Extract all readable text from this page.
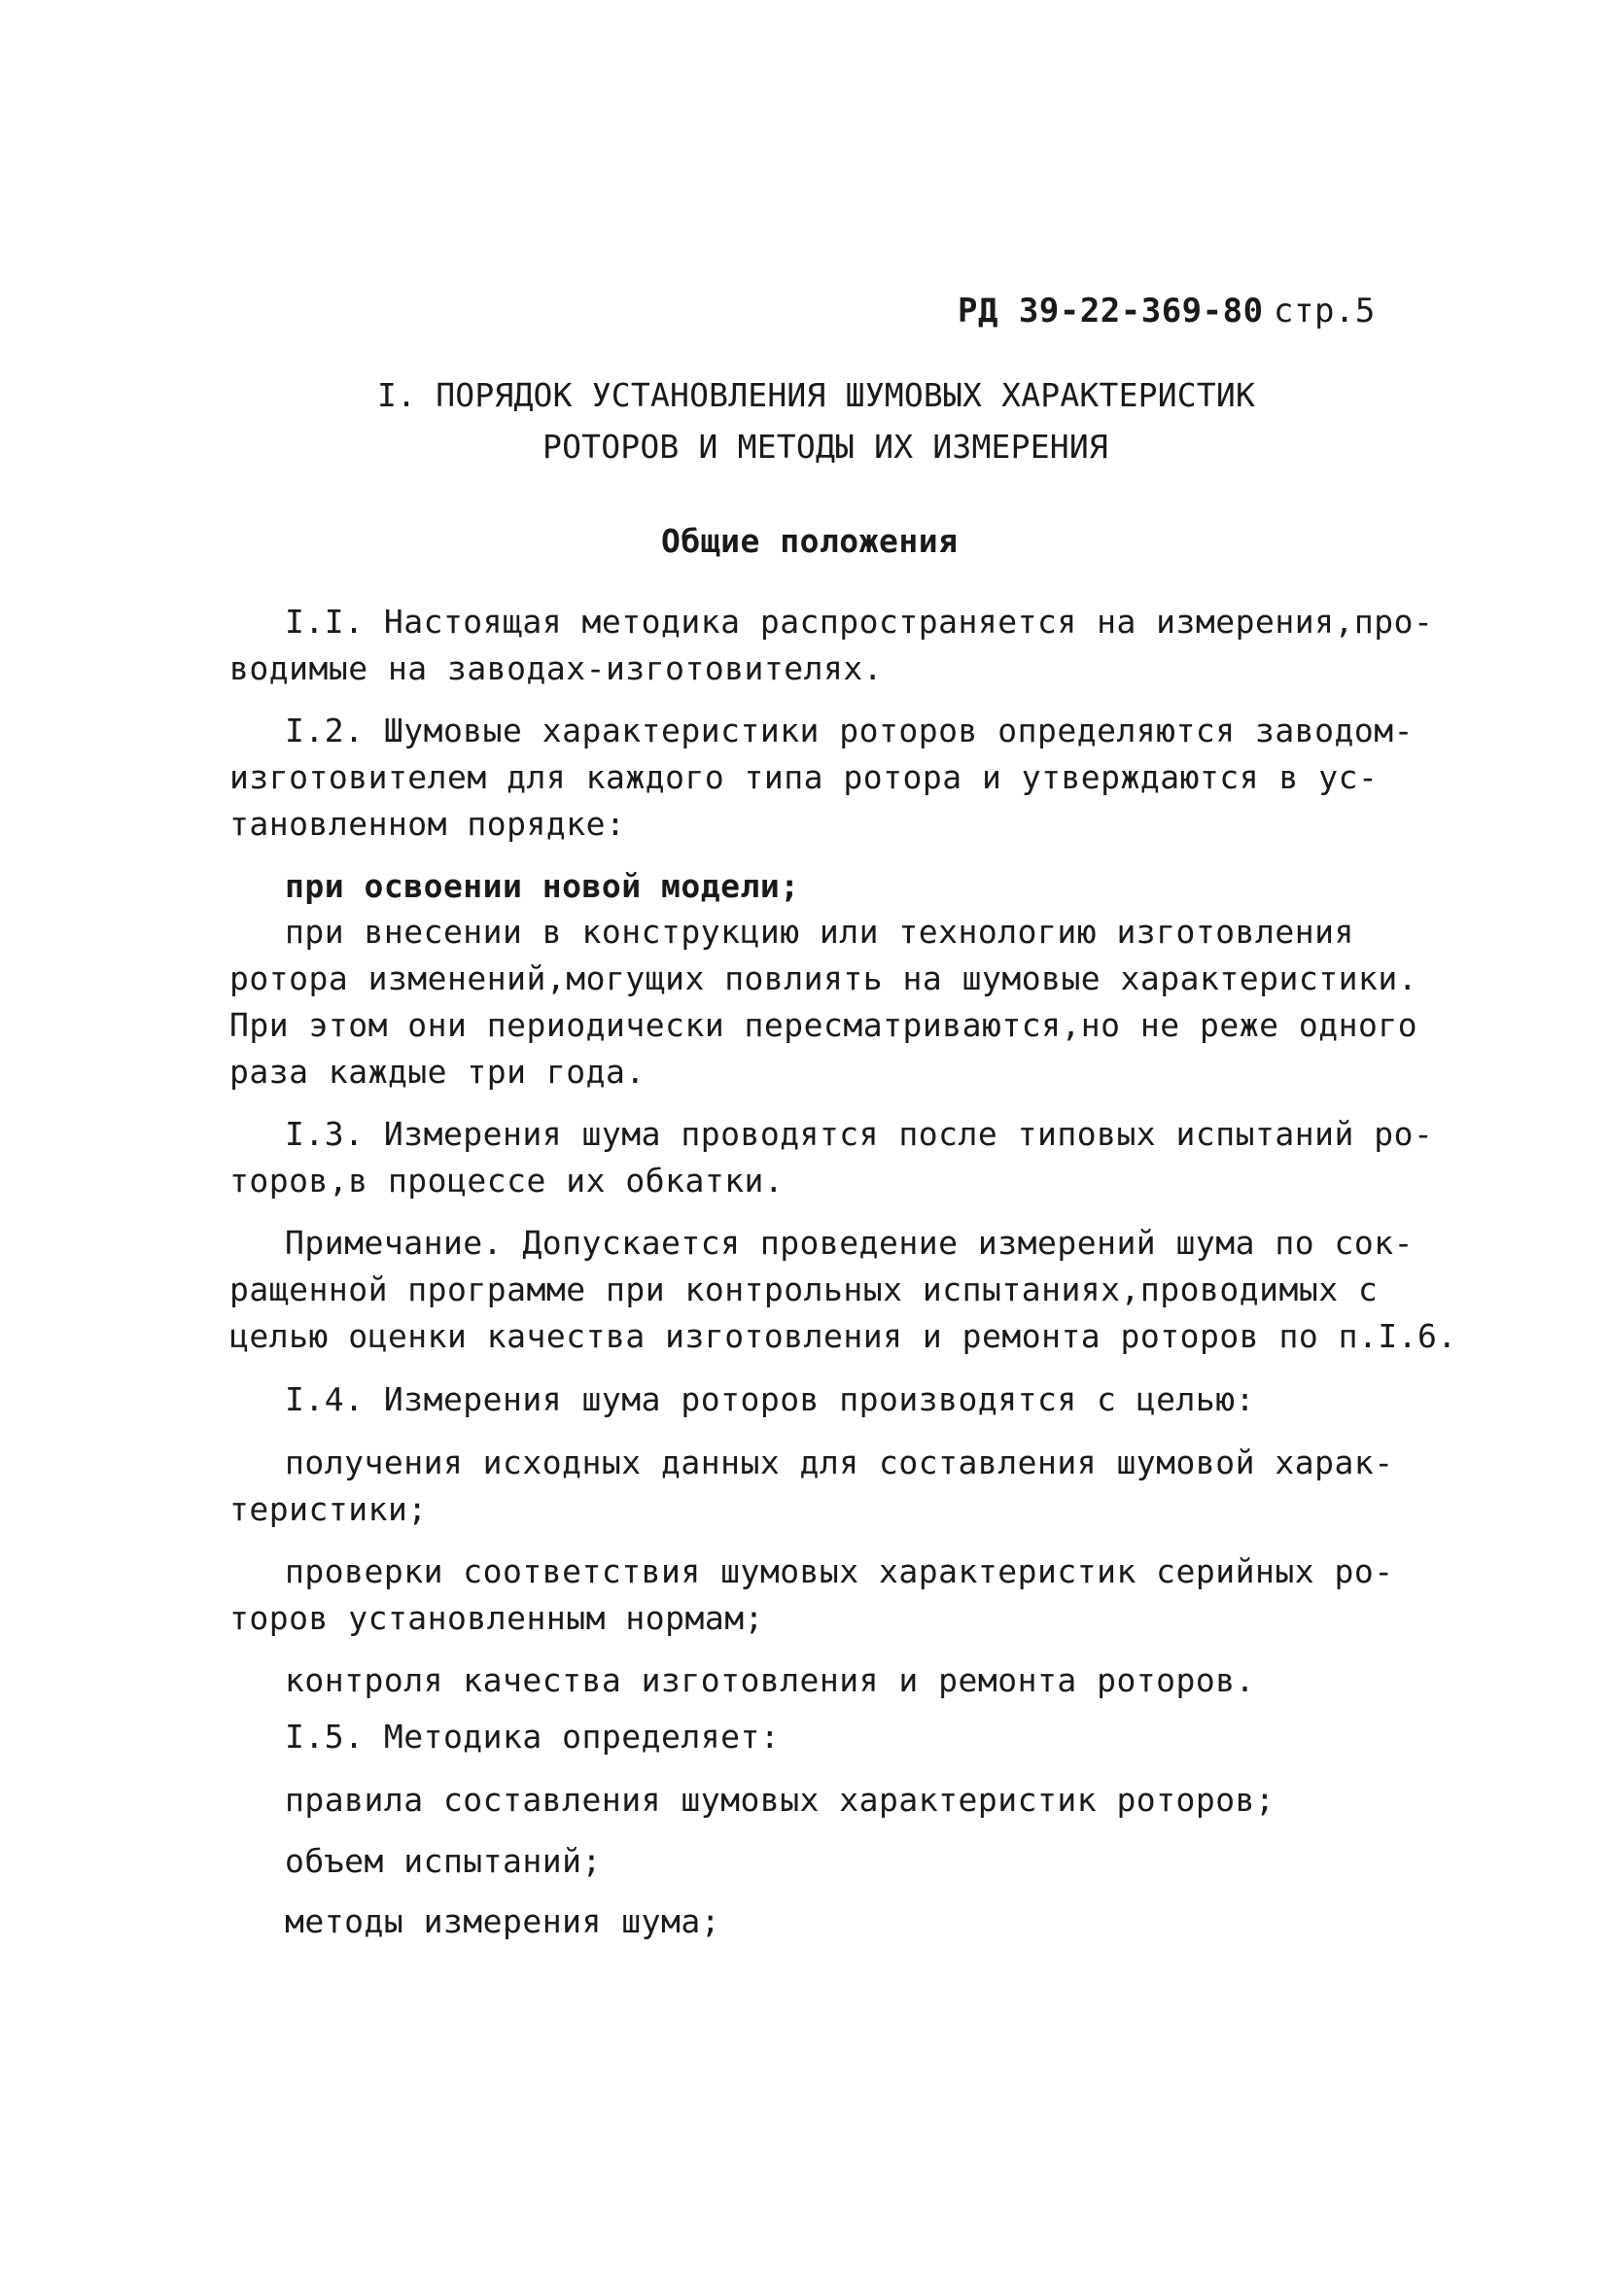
РД 39-22-369-80 стр.5

I. ПОРЯДОК УСТАНОВЛЕНИЯ ШУМОВЫХ ХАРАКТЕРИСТИК

РОТОРОВ И МЕТОДЫ ИХ ИЗМЕРЕНИЯ

Общие положения

I.I. Настоящая методика распространяется на измерения,про-

водимые на заводах-изготовителях.

I.2. Шумовые характеристики роторов определяются заводом-

изготовителем для каждого типа ротора и утверждаются в ус-

тановленном порядке:

при освоении новой модели;

при внесении в конструкцию или технологию изготовления

ротора изменений,могущих повлиять на шумовые характеристики.

При этом они периодически пересматриваются,но не реже одного

раза каждые три года.

I.3. Измерения шума проводятся после типовых испытаний ро-

торов,в процессе их обкатки.

Примечание. Допускается проведение измерений шума по сок-

ращенной программе при контрольных испытаниях,проводимых с

целью оценки качества изготовления и ремонта роторов по п.I.6.

I.4. Измерения шума роторов производятся с целью:

получения исходных данных для составления шумовой харак-

теристики;

проверки соответствия шумовых характеристик серийных ро-

торов установленным нормам;

контроля качества изготовления и ремонта роторов.

I.5. Методика определяет:

правила составления шумовых характеристик роторов;

объем испытаний;

методы измерения шума;
